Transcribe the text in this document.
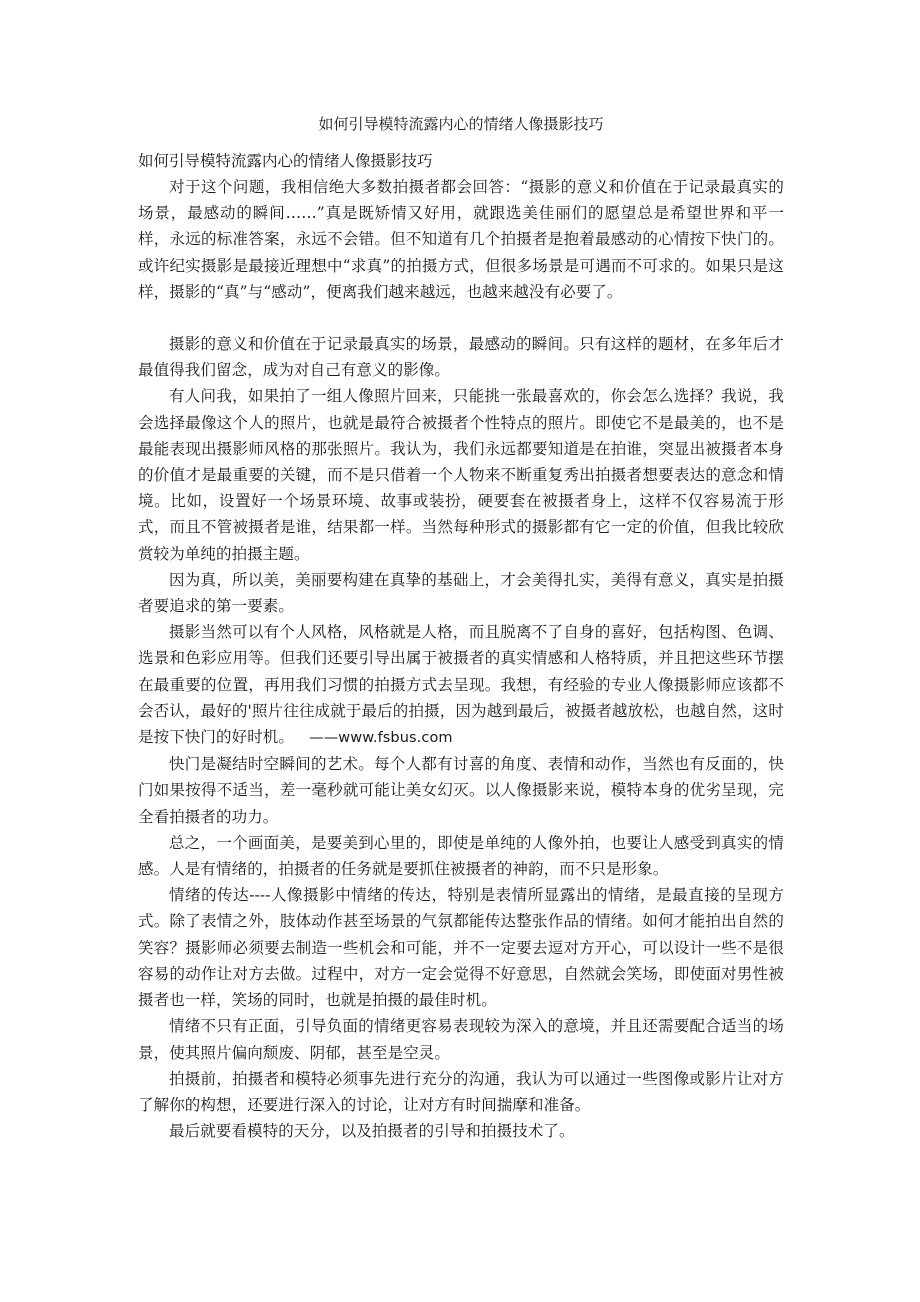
如何引导模特流露内心的情绪人像摄影技巧

如何引导模特流露内心的情绪人像摄影技巧

对于这个问题，我相信绝大多数拍摄者都会回答：“摄影的意义和价值在于记录最真实的场景，最感动的瞬间……”真是既矫情又好用，就跟选美佳丽们的愿望总是希望世界和平一样，永远的标准答案，永远不会错。但不知道有几个拍摄者是抱着最感动的心情按下快门的。或许纪实摄影是最接近理想中“求真”的拍摄方式，但很多场景是可遇而不可求的。如果只是这样，摄影的“真”与“感动”，便离我们越来越远，也越来越没有必要了。

摄影的意义和价值在于记录最真实的场景，最感动的瞬间。只有这样的题材，在多年后才最值得我们留念，成为对自己有意义的影像。

有人问我，如果拍了一组人像照片回来，只能挑一张最喜欢的，你会怎么选择？我说，我会选择最像这个人的照片，也就是最符合被摄者个性特点的照片。即使它不是最美的，也不是最能表现出摄影师风格的那张照片。我认为，我们永远都要知道是在拍谁，突显出被摄者本身的价值才是最重要的关键，而不是只借着一个人物来不断重复秀出拍摄者想要表达的意念和情境。比如，设置好一个场景环境、故事或装扮，硬要套在被摄者身上，这样不仅容易流于形式，而且不管被摄者是谁，结果都一样。当然每种形式的摄影都有它一定的价值，但我比较欣赏较为单纯的拍摄主题。

因为真，所以美，美丽要构建在真挚的基础上，才会美得扎实，美得有意义，真实是拍摄者要追求的第一要素。

摄影当然可以有个人风格，风格就是人格，而且脱离不了自身的喜好，包括构图、色调、选景和色彩应用等。但我们还要引导出属于被摄者的真实情感和人格特质，并且把这些环节摆在最重要的位置，再用我们习惯的拍摄方式去呈现。我想，有经验的专业人像摄影师应该都不会否认，最好的'照片往往成就于最后的拍摄，因为越到最后，被摄者越放松，也越自然，这时是按下快门的好时机。 ——www.fsbus.com

快门是凝结时空瞬间的艺术。每个人都有讨喜的角度、表情和动作，当然也有反面的，快门如果按得不适当，差一毫秒就可能让美女幻灭。以人像摄影来说，模特本身的优劣呈现，完全看拍摄者的功力。

总之，一个画面美，是要美到心里的，即使是单纯的人像外拍，也要让人感受到真实的情感。人是有情绪的，拍摄者的任务就是要抓住被摄者的神韵，而不只是形象。

情绪的传达----人像摄影中情绪的传达，特别是表情所显露出的情绪，是最直接的呈现方式。除了表情之外，肢体动作甚至场景的气氛都能传达整张作品的情绪。如何才能拍出自然的笑容？摄影师必须要去制造一些机会和可能，并不一定要去逗对方开心，可以设计一些不是很容易的动作让对方去做。过程中，对方一定会觉得不好意思，自然就会笑场，即使面对男性被摄者也一样，笑场的同时，也就是拍摄的最佳时机。

情绪不只有正面，引导负面的情绪更容易表现较为深入的意境，并且还需要配合适当的场景，使其照片偏向颓废、阴郁，甚至是空灵。

拍摄前，拍摄者和模特必须事先进行充分的沟通，我认为可以通过一些图像或影片让对方了解你的构想，还要进行深入的讨论，让对方有时间揣摩和准备。

最后就要看模特的天分，以及拍摄者的引导和拍摄技术了。
